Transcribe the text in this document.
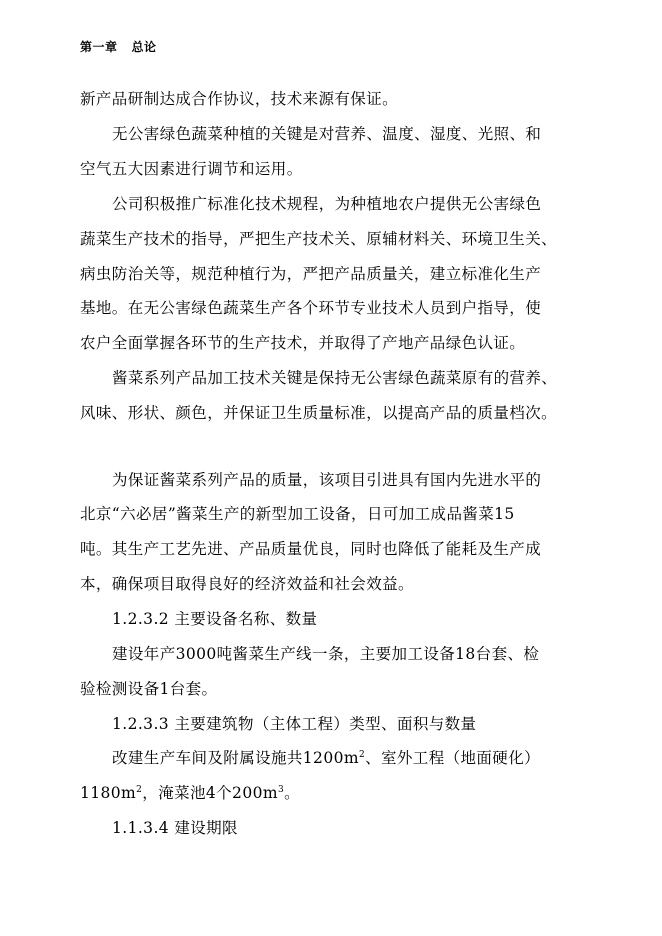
第一章 总论
新产品研制达成合作协议，技术来源有保证。
无公害绿色蔬菜种植的关键是对营养、温度、湿度、光照、和
空气五大因素进行调节和运用。
公司积极推广标准化技术规程，为种植地农户提供无公害绿色
蔬菜生产技术的指导，严把生产技术关、原辅材料关、环境卫生关、
病虫防治关等，规范种植行为，严把产品质量关，建立标准化生产
基地。在无公害绿色蔬菜生产各个环节专业技术人员到户指导，使
农户全面掌握各环节的生产技术，并取得了产地产品绿色认证。
酱菜系列产品加工技术关键是保持无公害绿色蔬菜原有的营养、
风味、形状、颜色，并保证卫生质量标准，以提高产品的质量档次。
为保证酱菜系列产品的质量，该项目引进具有国内先进水平的
北京“六必居”酱菜生产的新型加工设备，日可加工成品酱菜15
吨。其生产工艺先进、产品质量优良，同时也降低了能耗及生产成
本，确保项目取得良好的经济效益和社会效益。
1.2.3.2 主要设备名称、数量
建设年产3000吨酱菜生产线一条，主要加工设备18台套、检
验检测设备1台套。
1.2.3.3 主要建筑物（主体工程）类型、面积与数量
改建生产车间及附属设施共$1200m^2$、室外工程（地面硬化）
$1180m^2$，淹菜池4个$200m^3$。
1.1.3.4 建设期限
